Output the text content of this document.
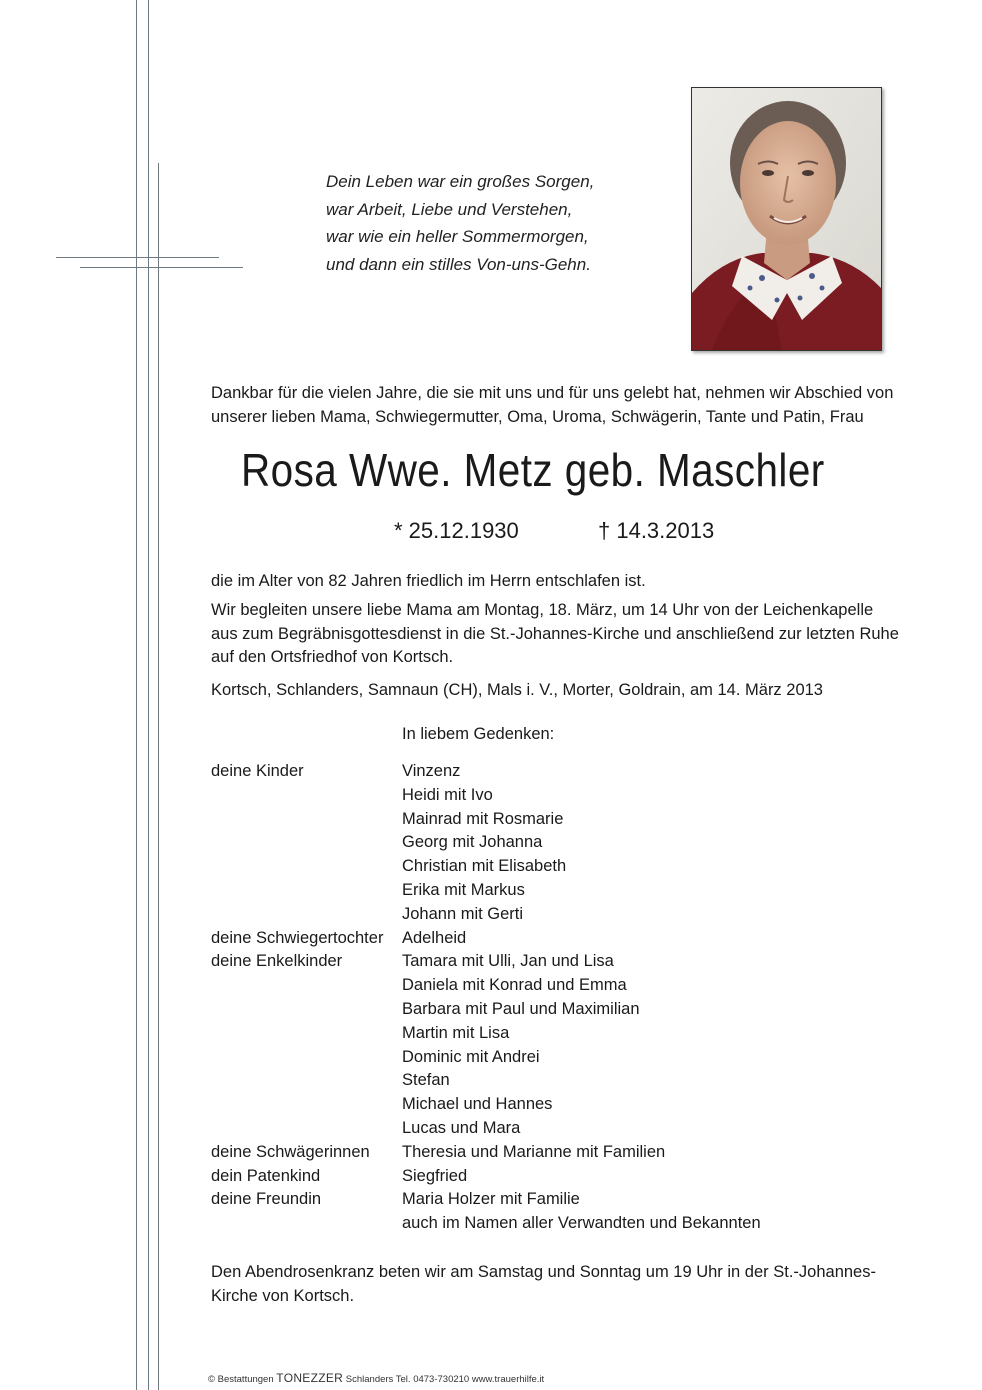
Dein Leben war ein großes Sorgen,
war Arbeit, Liebe und Verstehen,
war wie ein heller Sommermorgen,
und dann ein stilles Von-uns-Gehn.
Dankbar für die vielen Jahre, die sie mit uns und für uns gelebt hat, nehmen wir Abschied von
unserer lieben Mama, Schwiegermutter, Oma, Uroma, Schwägerin, Tante und Patin, Frau
Rosa Wwe. Metz geb. Maschler
* 25.12.1930	† 14.3.2013
die im Alter von 82 Jahren friedlich im Herrn entschlafen ist.
Wir begleiten unsere liebe Mama am Montag, 18. März, um 14 Uhr von der Leichenkapelle
aus zum Begräbnisgottesdienst in die St.-Johannes-Kirche und anschließend zur letzten Ruhe
auf den Ortsfriedhof von Kortsch.
Kortsch, Schlanders, Samnaun (CH), Mals i. V., Morter, Goldrain, am 14. März 2013
In liebem Gedenken:
deine Kinder	Vinzenz
Heidi mit Ivo
Mainrad mit Rosmarie
Georg mit Johanna
Christian mit Elisabeth
Erika mit Markus
Johann mit Gerti
deine Schwiegertochter Adelheid
deine Enkelkinder	Tamara mit Ulli, Jan und Lisa
Daniela mit Konrad und Emma
Barbara mit Paul und Maximilian
Martin mit Lisa
Dominic mit Andrei
Stefan
Michael und Hannes
Lucas und Mara
deine Schwägerinnen Theresia und Marianne mit Familien
dein Patenkind	Siegfried
deine Freundin	Maria Holzer mit Familie
auch im Namen aller Verwandten und Bekannten
Den Abendrosenkranz beten wir am Samstag und Sonntag um 19 Uhr in der St.-Johannes-
Kirche von Kortsch.
© Bestattungen TONEZZER Schlanders Tel. 0473-730210 www.trauerhilfe.it
